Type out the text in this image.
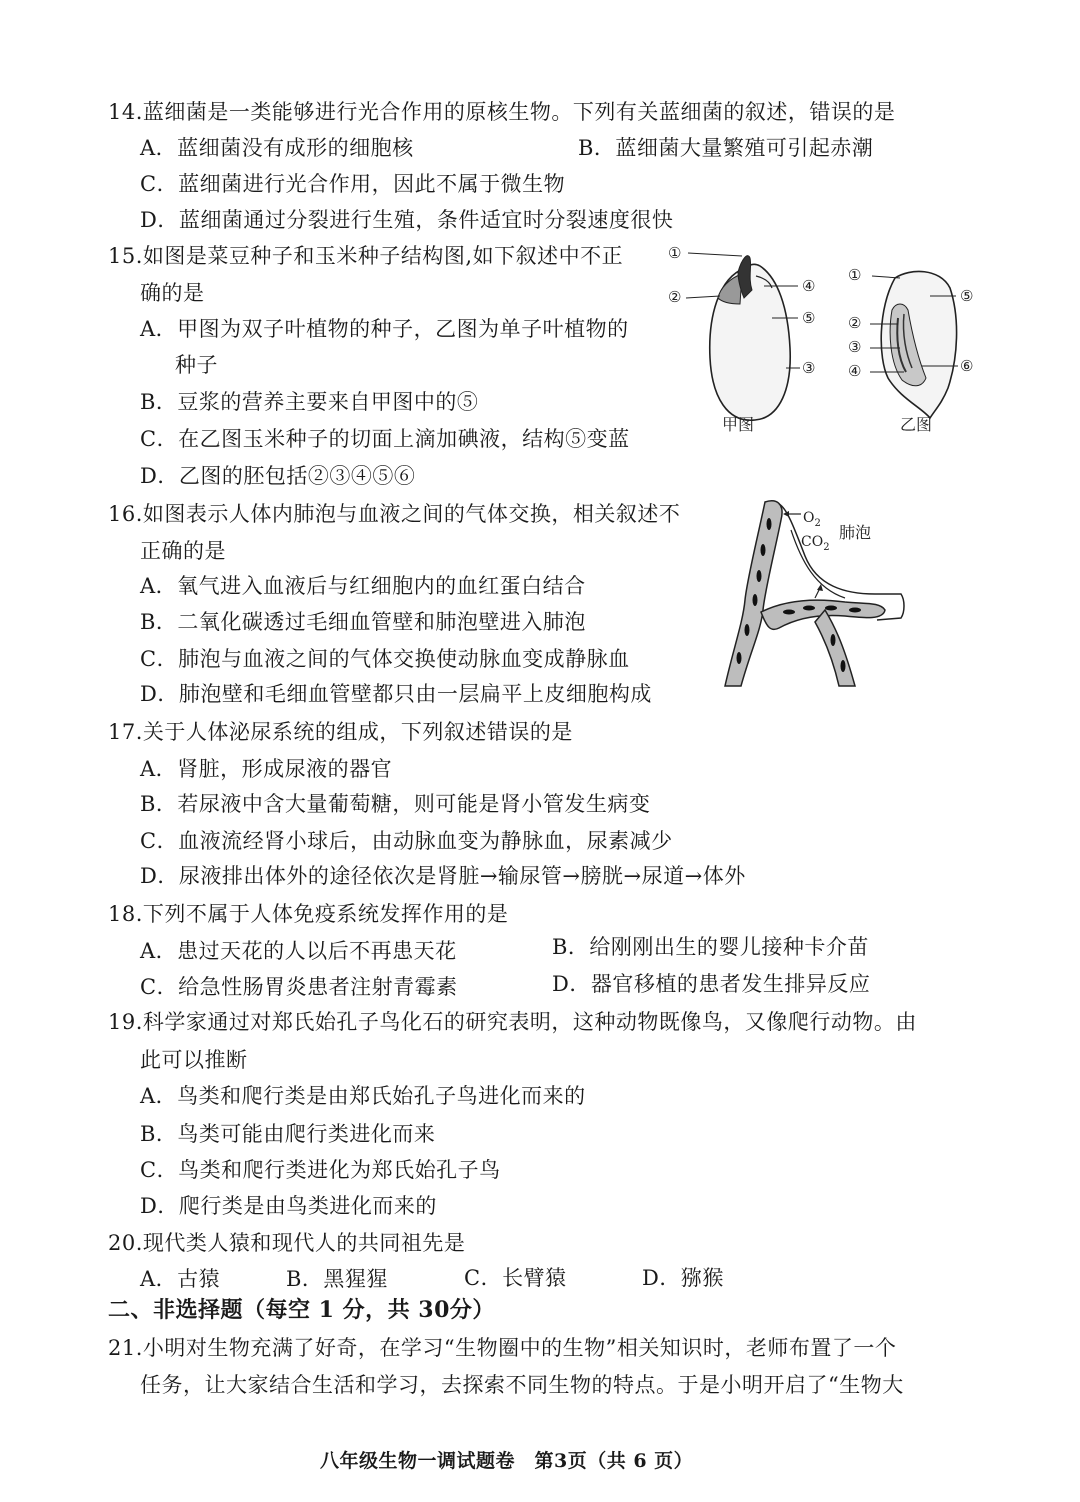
14.蓝细菌是一类能够进行光合作用的原核生物。下列有关蓝细菌的叙述，错误的是
A．蓝细菌没有成形的细胞核	B．蓝细菌大量繁殖可引起赤潮
C．蓝细菌进行光合作用，因此不属于微生物
D．蓝细菌通过分裂进行生殖，条件适宜时分裂速度很快
15.如图是菜豆种子和玉米种子结构图,如下叙述中不正
确的是
A．甲图为双子叶植物的种子，乙图为单子叶植物的
种子
B．豆浆的营养主要来自甲图中的⑤
C．在乙图玉米种子的切面上滴加碘液，结构⑤变蓝
D．乙图的胚包括②③④⑤⑥
①
②
③
④
⑤
甲图
①
②
③
④
⑤
⑥
乙图
16.如图表示人体内肺泡与血液之间的气体交换，相关叙述不
正确的是
A．氧气进入血液后与红细胞内的血红蛋白结合
B．二氧化碳透过毛细血管壁和肺泡壁进入肺泡
C．肺泡与血液之间的气体交换使动脉血变成静脉血
D．肺泡壁和毛细血管壁都只由一层扁平上皮细胞构成
$O_2$
$CO_2$
肺泡
17.关于人体泌尿系统的组成，下列叙述错误的是
A．肾脏，形成尿液的器官
B．若尿液中含大量葡萄糖，则可能是肾小管发生病变
C．血液流经肾小球后，由动脉血变为静脉血，尿素减少
D．尿液排出体外的途径依次是肾脏→输尿管→膀胱→尿道→体外
18.下列不属于人体免疫系统发挥作用的是
A．患过天花的人以后不再患天花	B．给刚刚出生的婴儿接种卡介苗
C．给急性肠胃炎患者注射青霉素	D．器官移植的患者发生排异反应
19.科学家通过对郑氏始孔子鸟化石的研究表明，这种动物既像鸟，又像爬行动物。由
此可以推断
A．鸟类和爬行类是由郑氏始孔子鸟进化而来的
B．鸟类可能由爬行类进化而来
C．鸟类和爬行类进化为郑氏始孔子鸟
D．爬行类是由鸟类进化而来的
20.现代类人猿和现代人的共同祖先是
A．古猿	B．黑猩猩	C．长臂猿	D．猕猴
二、非选择题（每空 1 分，共 30分）
21.小明对生物充满了好奇，在学习“生物圈中的生物”相关知识时，老师布置了一个
任务，让大家结合生活和学习，去探索不同生物的特点。于是小明开启了“生物大
八年级生物一调试题卷　第3页（共 6 页）
